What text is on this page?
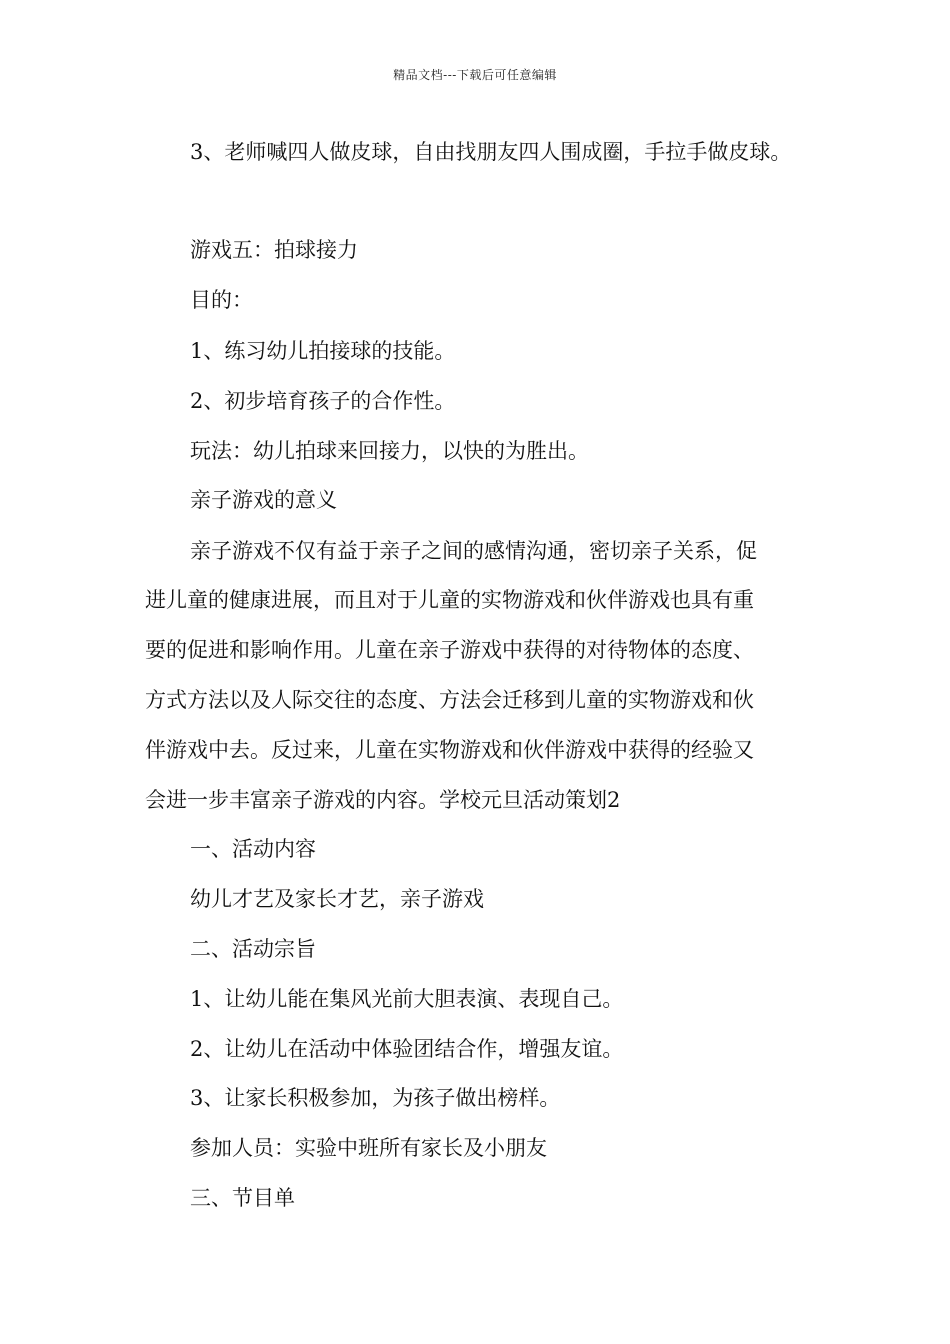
精品文档---下载后可任意编辑
3、老师喊四人做皮球，自由找朋友四人围成圈，手拉手做皮球。
游戏五：拍球接力
目的：
1、练习幼儿拍接球的技能。
2、初步培育孩子的合作性。
玩法：幼儿拍球来回接力，以快的为胜出。
亲子游戏的意义
亲子游戏不仅有益于亲子之间的感情沟通，密切亲子关系，促
进儿童的健康进展，而且对于儿童的实物游戏和伙伴游戏也具有重
要的促进和影响作用。儿童在亲子游戏中获得的对待物体的态度、
方式方法以及人际交往的态度、方法会迁移到儿童的实物游戏和伙
伴游戏中去。反过来，儿童在实物游戏和伙伴游戏中获得的经验又
会进一步丰富亲子游戏的内容。学校元旦活动策划2
一、活动内容
幼儿才艺及家长才艺，亲子游戏
二、活动宗旨
1、让幼儿能在集风光前大胆表演、表现自己。
2、让幼儿在活动中体验团结合作，增强友谊。
3、让家长积极参加，为孩子做出榜样。
参加人员：实验中班所有家长及小朋友
三、节目单
